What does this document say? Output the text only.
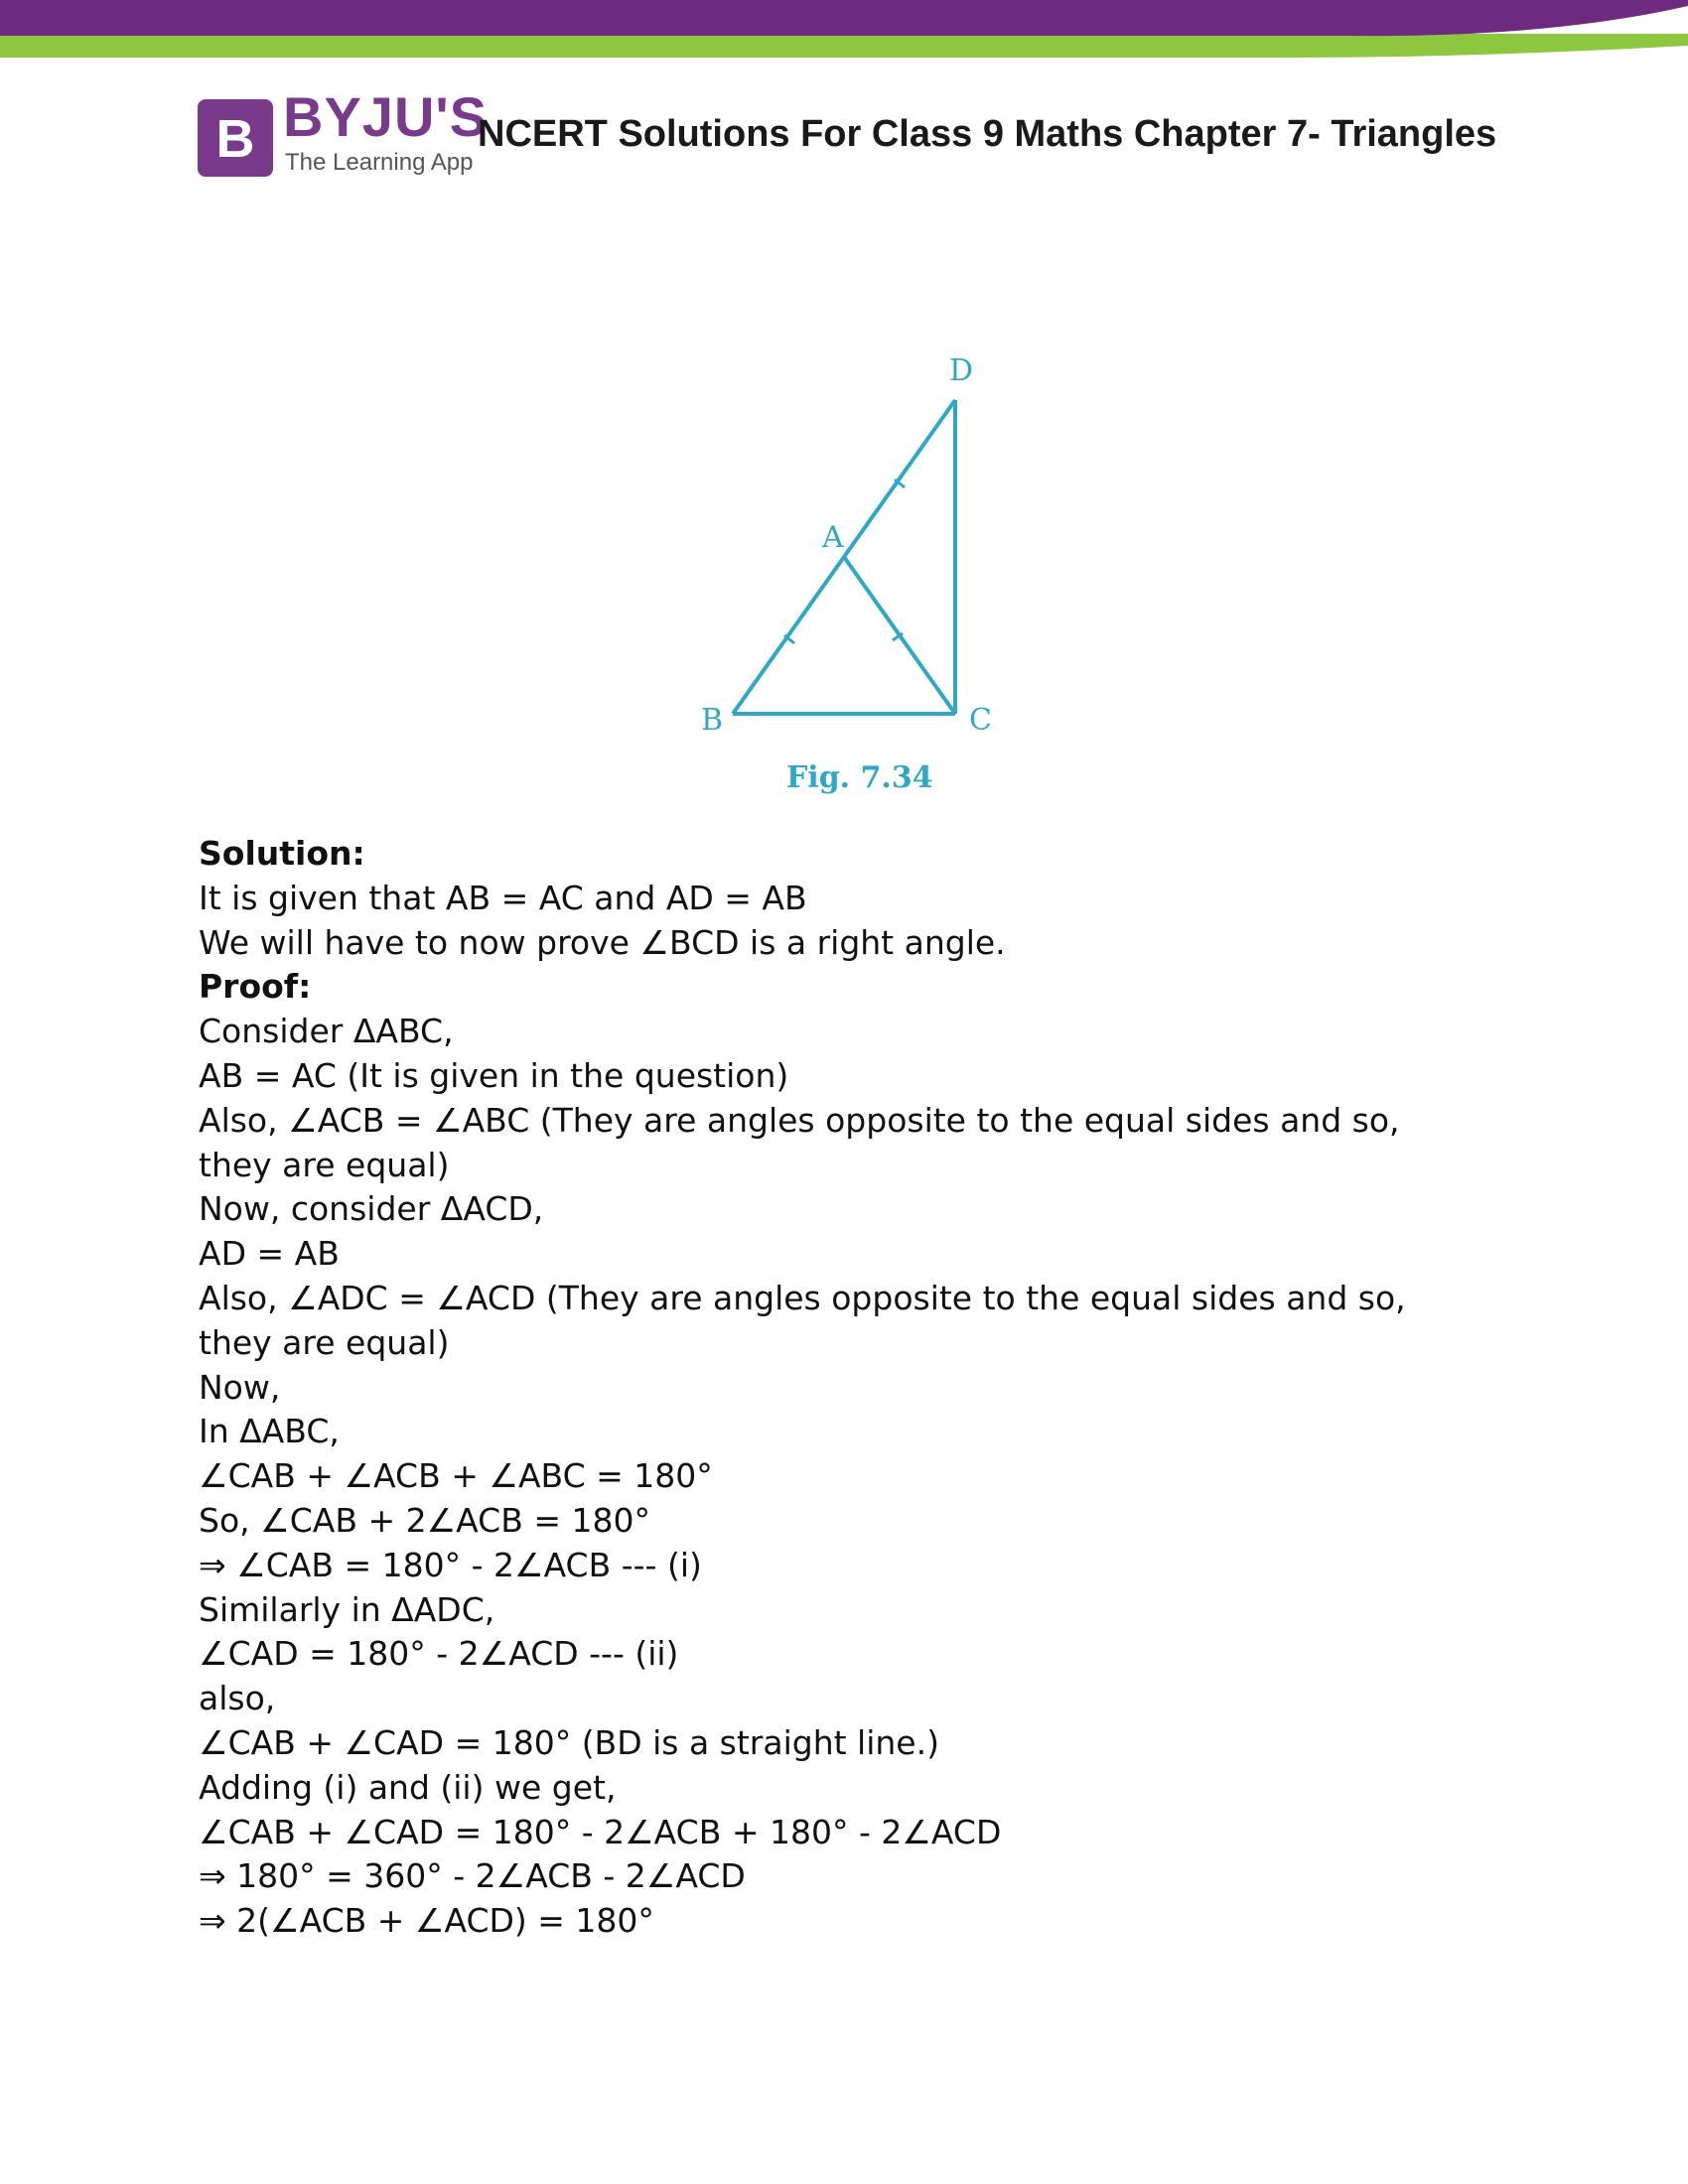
B BYJU'S
The Learning App
NCERT Solutions For Class 9 Maths Chapter 7- Triangles
D
A
B	C
Fig. 7.34
Solution:
It is given that AB = AC and AD = AB
We will have to now prove ∠BCD is a right angle.
Proof:
Consider ΔABC,
AB = AC (It is given in the question)
Also, ∠ACB = ∠ABC (They are angles opposite to the equal sides and so,
they are equal)
Now, consider ΔACD,
AD = AB
Also, ∠ADC = ∠ACD (They are angles opposite to the equal sides and so,
they are equal)
Now,
In ΔABC,
∠CAB + ∠ACB + ∠ABC = 180°
So, ∠CAB + 2∠ACB = 180°
⇒ ∠CAB = 180° - 2∠ACB --- (i)
Similarly in ΔADC,
∠CAD = 180° - 2∠ACD --- (ii)
also,
∠CAB + ∠CAD = 180° (BD is a straight line.)
Adding (i) and (ii) we get,
∠CAB + ∠CAD = 180° - 2∠ACB + 180° - 2∠ACD
⇒ 180° = 360° - 2∠ACB - 2∠ACD
⇒ 2(∠ACB + ∠ACD) = 180°
